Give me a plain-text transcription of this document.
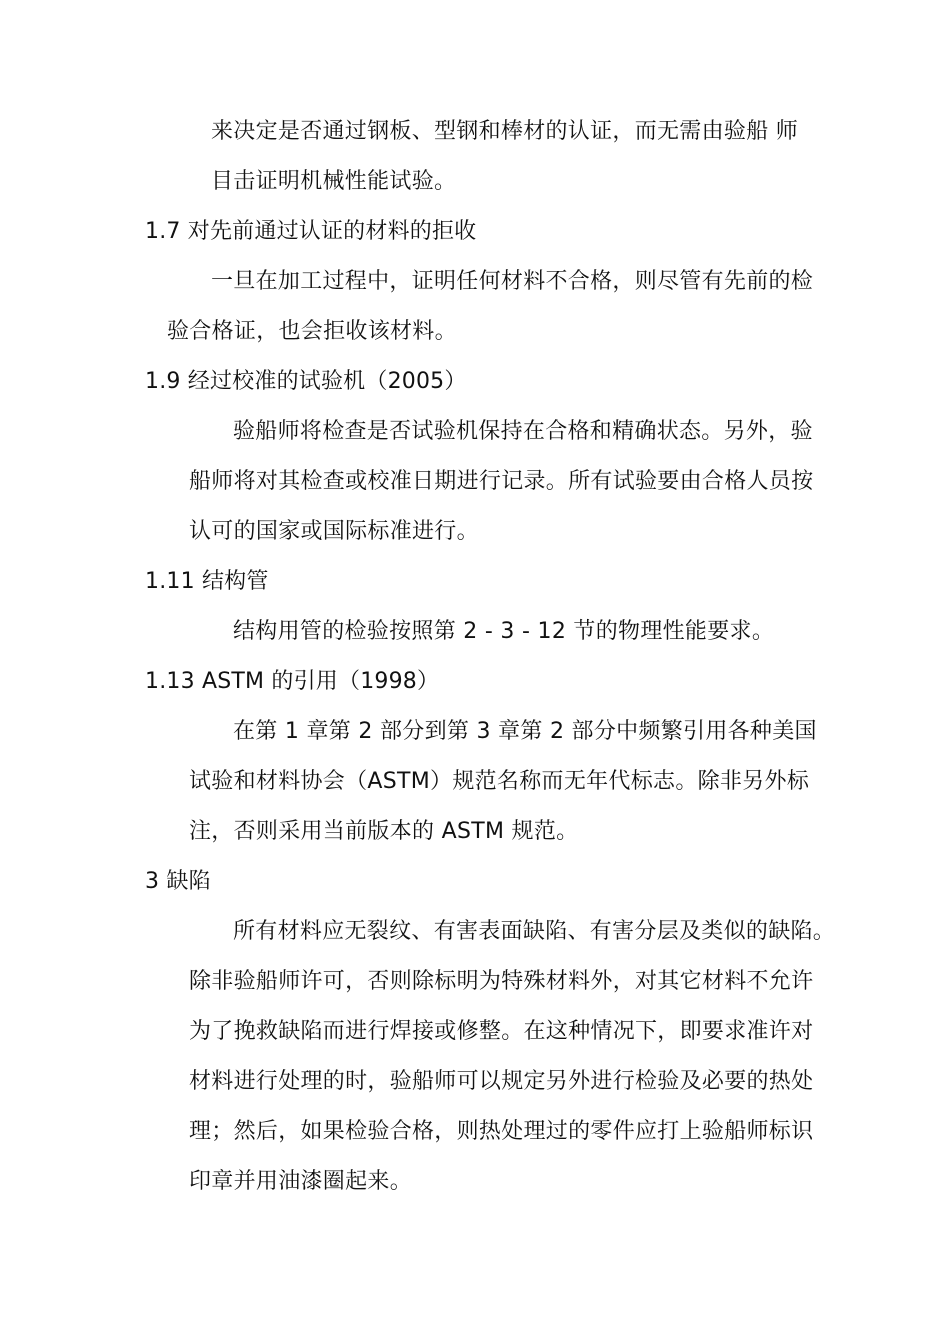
来决定是否通过钢板、型钢和棒材的认证，而无需由验船 师
目击证明机械性能试验。
1.7 对先前通过认证的材料的拒收
一旦在加工过程中，证明任何材料不合格，则尽管有先前的检
验合格证，也会拒收该材料。
1.9 经过校准的试验机（2005）
验船师将检查是否试验机保持在合格和精确状态。另外，验
船师将对其检查或校准日期进行记录。所有试验要由合格人员按
认可的国家或国际标准进行。
1.11 结构管
结构用管的检验按照第 2 - 3 - 12 节的物理性能要求。
1.13 ASTM 的引用（1998）
在第 1 章第 2 部分到第 3 章第 2 部分中频繁引用各种美国
试验和材料协会（ASTM）规范名称而无年代标志。除非另外标
注，否则采用当前版本的 ASTM 规范。
3 缺陷
所有材料应无裂纹、有害表面缺陷、有害分层及类似的缺陷。
除非验船师许可，否则除标明为特殊材料外，对其它材料不允许
为了挽救缺陷而进行焊接或修整。在这种情况下，即要求准许对
材料进行处理的时，验船师可以规定另外进行检验及必要的热处
理；然后，如果检验合格，则热处理过的零件应打上验船师标识
印章并用油漆圈起来。
